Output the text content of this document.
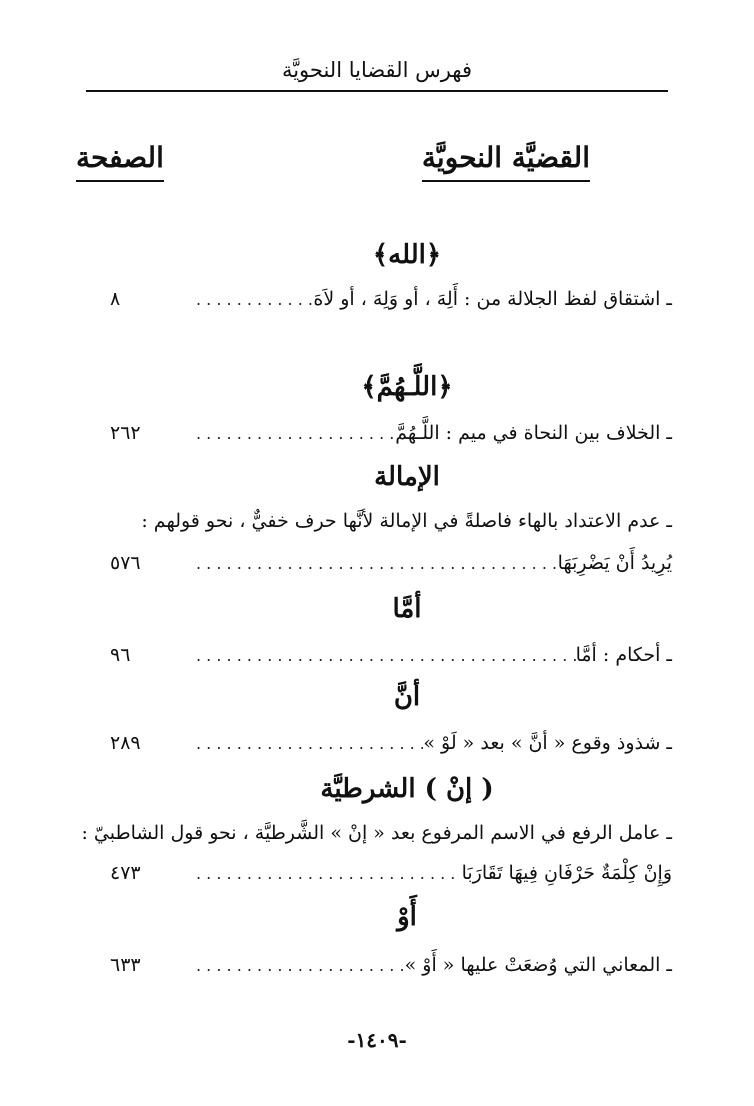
فهرس القضايا النحويَّة
القضيَّة النحويَّة
الصفحة
﴿الله﴾
ـ اشتقاق لفظ الجلالة من : أَلِهَ ، أو وَلِهَ ، أو لاَهَ
. . .
٨
﴿اللَّـهُمَّ﴾
ـ الخلاف بين النحاة في ميم : اللَّـهُمَّ
. . .
٢٦٢
الإمالة
ـ عدم الاعتداد بالهاء فاصلةً في الإمالة لأنَّها حرف خفيٌّ ، نحو قولهم :
يُرِيدُ أَنْ يَضْرِبَهَا
. . .
٥٧٦
أمَّا
ـ أحكام : أمَّا
. . .
٩٦
أنَّ
ـ شذوذ وقوع « أنَّ » بعد « لَوْ »
. . .
٢٨٩
( إنْ ) الشرطيَّة
ـ عامل الرفع في الاسم المرفوع بعد « إنْ » الشَّرطيَّة ، نحو قول الشاطبيّ :
وَإِنْ كِلْمَةٌ حَرْفَانِ فِيهَا تَقَارَبَا
. . .
٤٧٣
أَوْ
ـ المعاني التي وُضعَتْ عليها « أَوْ »
. . .
٦٣٣
-١٤٠٩-
